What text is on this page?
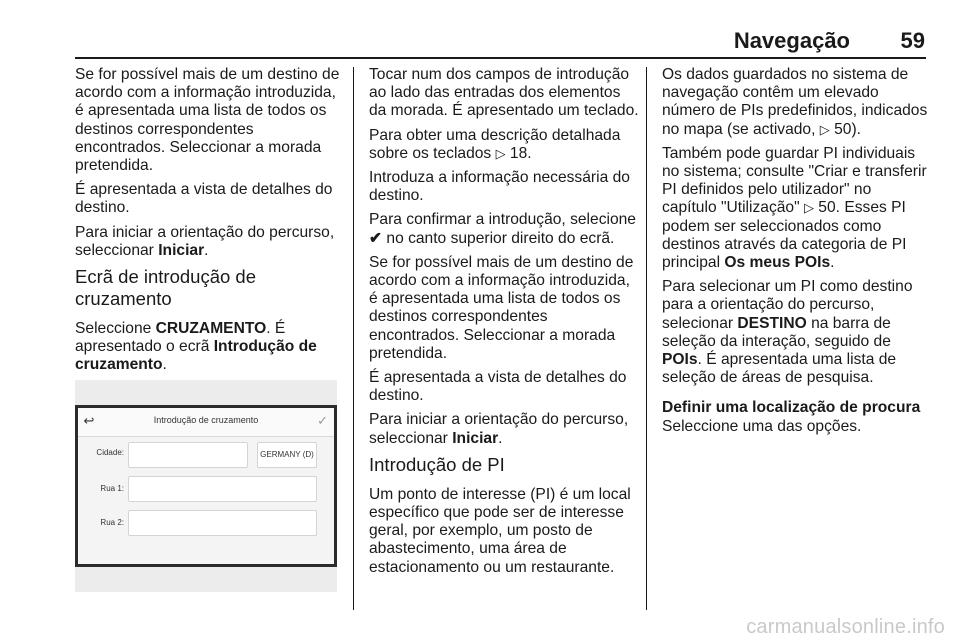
Navegação	59

Se for possível mais de um destino de acordo com a informação introduzida, é apresentada uma lista de todos os destinos correspondentes encontrados. Seleccionar a morada pretendida.

É apresentada a vista de detalhes do destino.

Para iniciar a orientação do percurso, seleccionar Iniciar.

Ecrã de introdução de cruzamento

Seleccione CRUZAMENTO. É apresentado o ecrã Introdução de cruzamento.

↩	Introdução de cruzamento	✓
Cidade:	GERMANY (D)
Rua 1:
Rua 2:

Tocar num dos campos de introdução ao lado das entradas dos elementos da morada. É apresentado um teclado.

Para obter uma descrição detalhada sobre os teclados ▷ 18.

Introduza a informação necessária do destino.

Para confirmar a introdução, selecione ✔ no canto superior direito do ecrã.

Se for possível mais de um destino de acordo com a informação introduzida, é apresentada uma lista de todos os destinos correspondentes encontrados. Seleccionar a morada pretendida.

É apresentada a vista de detalhes do destino.

Para iniciar a orientação do percurso, seleccionar Iniciar.

Introdução de PI

Um ponto de interesse (PI) é um local específico que pode ser de interesse geral, por exemplo, um posto de abastecimento, uma área de estacionamento ou um restaurante.

Os dados guardados no sistema de navegação contêm um elevado número de PIs predefinidos, indicados no mapa (se activado, ▷ 50).

Também pode guardar PI individuais no sistema; consulte "Criar e transferir PI definidos pelo utilizador" no capítulo "Utilização" ▷ 50. Esses PI podem ser seleccionados como destinos através da categoria de PI principal Os meus POIs.

Para selecionar um PI como destino para a orientação do percurso, selecionar DESTINO na barra de seleção da interação, seguido de POIs. É apresentada uma lista de seleção de áreas de pesquisa.

Definir uma localização de procura

Seleccione uma das opções.

carmanualsonline.info
